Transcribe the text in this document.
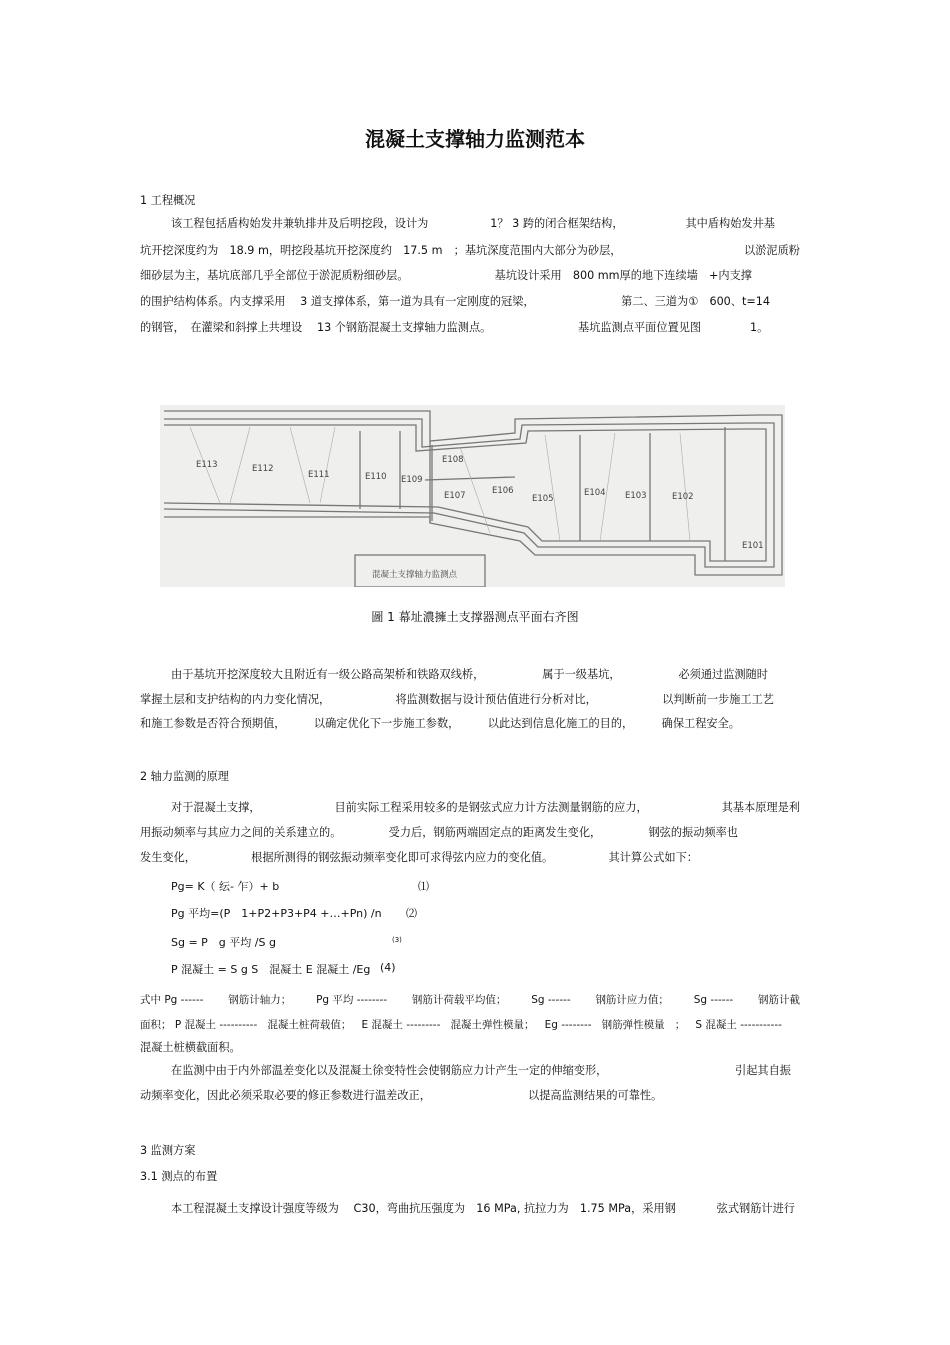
混凝土支撑轴力监测范本
1 工程概况
该工程包括盾构始发井兼轨排井及后明挖段，设计为	1？ 3 跨的闭合框架结构，	其中盾构始发井基
坑开挖深度约为　18.9 m，明挖段基坑开挖深度约　17.5 m　；基坑深度范围内大部分为砂层，	以淤泥质粉
细砂层为主，基坑底部几乎全部位于淤泥质粉细砂层。	基坑设计采用　800 mm厚的地下连续墙　+内支撑
的围护结构体系。内支撑采用　 3 道支撑体系，第一道为具有一定刚度的冠梁，	第二、三道为①　600、t=14
的钢管，　在灌梁和斜撑上共埋设　 13 个钢筋混凝土支撑轴力监测点。	基坑监测点平面位置见图	1。
E113	E112
E111	E110 E109
E108
E107	E106
E105
E104 E103	E102
E101
混凝土支撑轴力监测点
圖 1 幕址濃擁土支撑器测点平面右齐图
由于基坑开挖深度较大且附近有一级公路高架桥和铁路双线桥，	属于一级基坑，	必须通过监测随时
掌握土层和支护结构的内力变化情况，	将监测数据与设计预估值进行分析对比，	以判断前一步施工工艺
和施工参数是否符合预期值，	以确定优化下一步施工参数，	以此达到信息化施工的目的，	确保工程安全。
2 轴力监测的原理
对于混凝土支撑，	目前实际工程采用较多的是钢弦式应力计方法测量钢筋的应力，	其基本原理是利
用振动频率与其应力之间的关系建立的。	受力后，钢筋两端固定点的距离发生变化，	钢弦的振动频率也
发生变化，	根据所测得的钢弦振动频率变化即可求得弦内应力的变化值。	其计算公式如下：
Pg= K（ 纭- 乍）+ b	⑴
Pg 平均=(P　1+P2+P3+P4 +…+Pn) /n ⑵
Sg = P　g 平均 /S g	(3)
P 混凝土 = S g S　混凝土 E 混凝土 /Eg (4)
式中 Pg ------ 钢筋计轴力； Pg 平均 -------- 钢筋计荷载平均值； Sg ------ 钢筋计应力值； Sg ------ 钢筋计截
面积； P 混凝土 ---------- 混凝土桩荷载值； E 混凝土 --------- 混凝土弹性模量； Eg -------- 钢筋弹性模量 ； S 混凝土 -----------
混凝土桩横截面积。
在监测中由于内外部温差变化以及混凝土徐变特性会使钢筋应力计产生一定的伸缩变形，	引起其自振
动频率变化，因此必须采取必要的修正参数进行温差改正，	以提高监测结果的可靠性。
3 监测方案
3.1 测点的布置
本工程混凝土支撑设计强度等级为　 C30，弯曲抗压强度为　16 MPa, 抗拉力为　1.75 MPa，采用钢	弦式钢筋计进行
